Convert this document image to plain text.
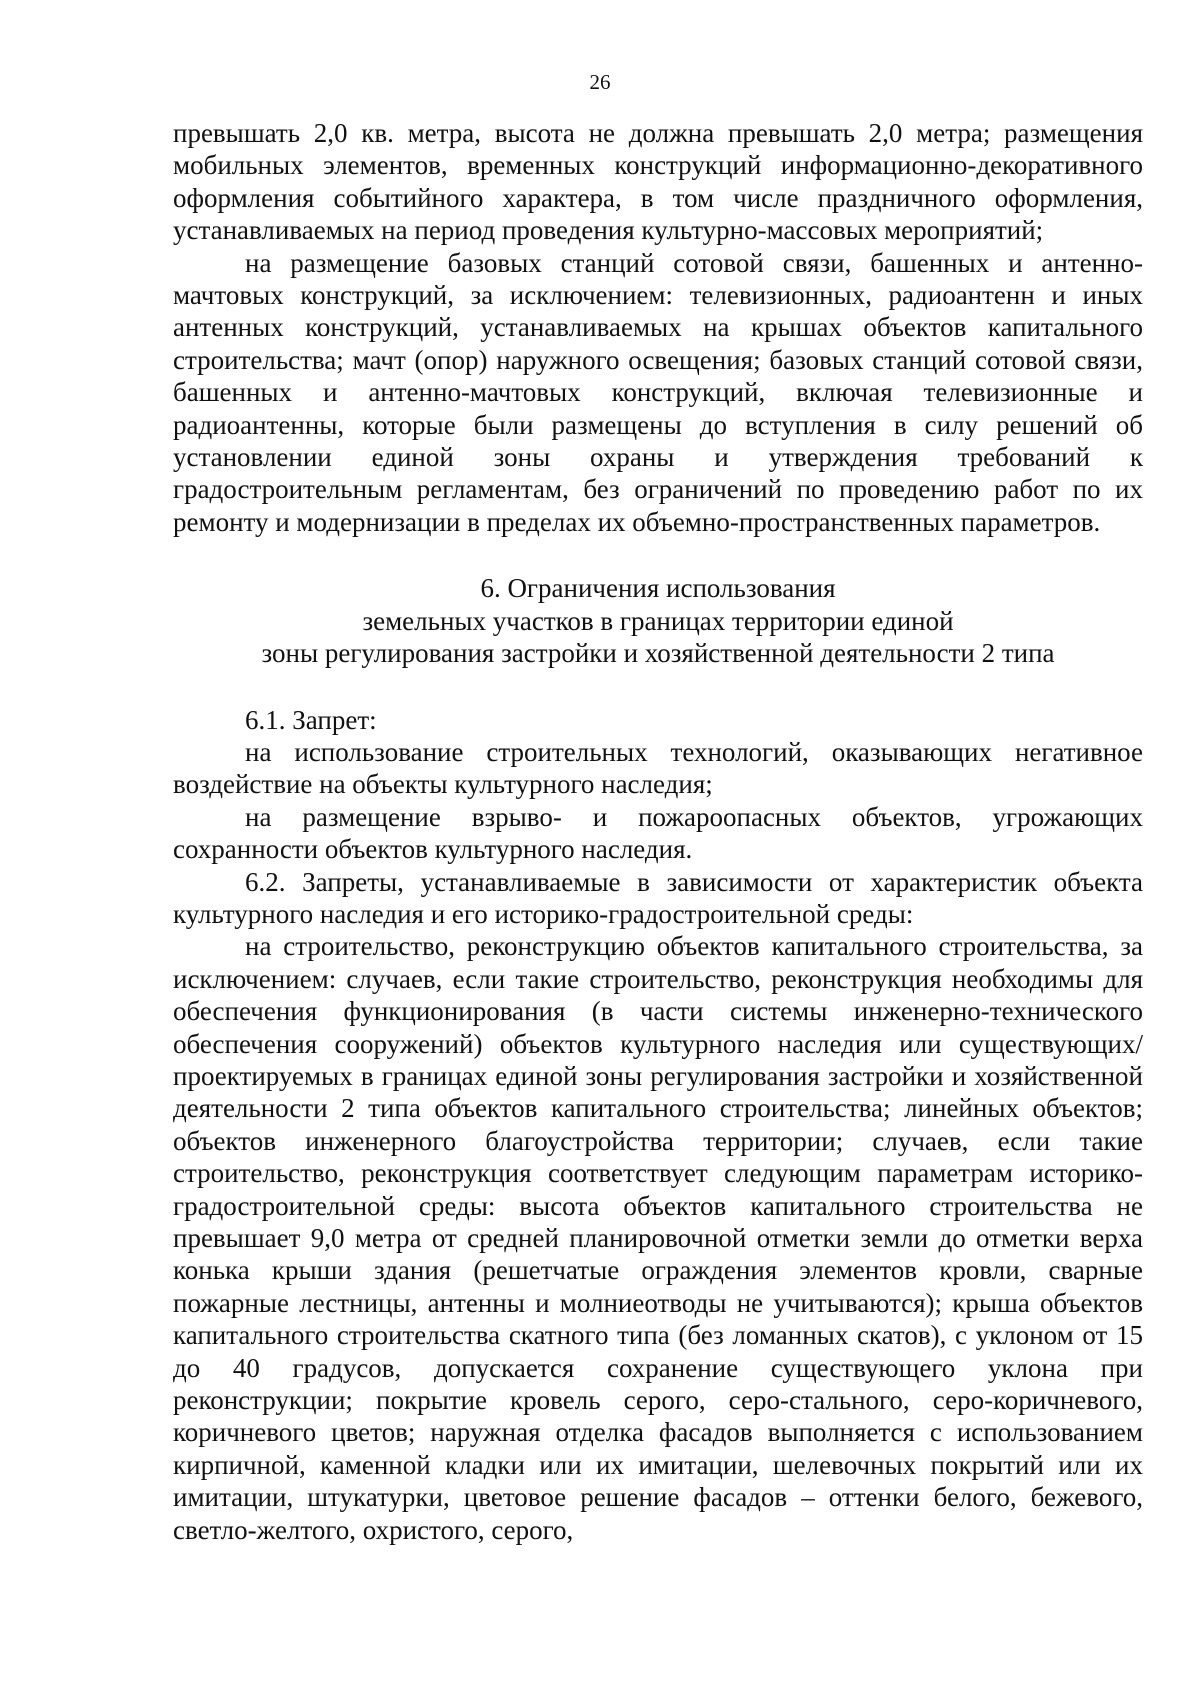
26

превышать 2,0 кв. метра, высота не должна превышать 2,0 метра; размещения мобильных элементов, временных конструкций информационно-декоративного оформления событийного характера, в том числе праздничного оформления, устанавливаемых на период проведения культурно-массовых мероприятий;

на размещение базовых станций сотовой связи, башенных и антенно-мачтовых конструкций, за исключением: телевизионных, радиоантенн и иных антенных конструкций, устанавливаемых на крышах объектов капитального строительства; мачт (опор) наружного освещения; базовых станций сотовой связи, башенных и антенно-мачтовых конструкций, включая телевизионные и радиоантенны, которые были размещены до вступления в силу решений об установлении единой зоны охраны и утверждения требований к градостроительным регламентам, без ограничений по проведению работ по их ремонту и модернизации в пределах их объемно-пространственных параметров.

6. Ограничения использования
земельных участков в границах территории единой
зоны регулирования застройки и хозяйственной деятельности 2 типа

6.1. Запрет:

на использование строительных технологий, оказывающих негативное воздействие на объекты культурного наследия;

на размещение взрыво- и пожароопасных объектов, угрожающих сохранности объектов культурного наследия.

6.2. Запреты, устанавливаемые в зависимости от характеристик объекта культурного наследия и его историко-градостроительной среды:

на строительство, реконструкцию объектов капитального строительства, за исключением: случаев, если такие строительство, реконструкция необходимы для обеспечения функционирования (в части системы инженерно-технического обеспечения сооружений) объектов культурного наследия или существующих/проектируемых в границах единой зоны регулирования застройки и хозяйственной деятельности 2 типа объектов капитального строительства; линейных объектов; объектов инженерного благоустройства территории; случаев, если такие строительство, реконструкция соответствует следующим параметрам историко-градостроительной среды: высота объектов капитального строительства не превышает 9,0 метра от средней планировочной отметки земли до отметки верха конька крыши здания (решетчатые ограждения элементов кровли, сварные пожарные лестницы, антенны и молниеотводы не учитываются); крыша объектов капитального строительства скатного типа (без ломанных скатов), с уклоном от 15 до 40 градусов, допускается сохранение существующего уклона при реконструкции; покрытие кровель серого, серо-стального, серо-коричневого, коричневого цветов; наружная отделка фасадов выполняется с использованием кирпичной, каменной кладки или их имитации, шелевочных покрытий или их имитации, штукатурки, цветовое решение фасадов – оттенки белого, бежевого, светло-желтого, охристого, серого,
